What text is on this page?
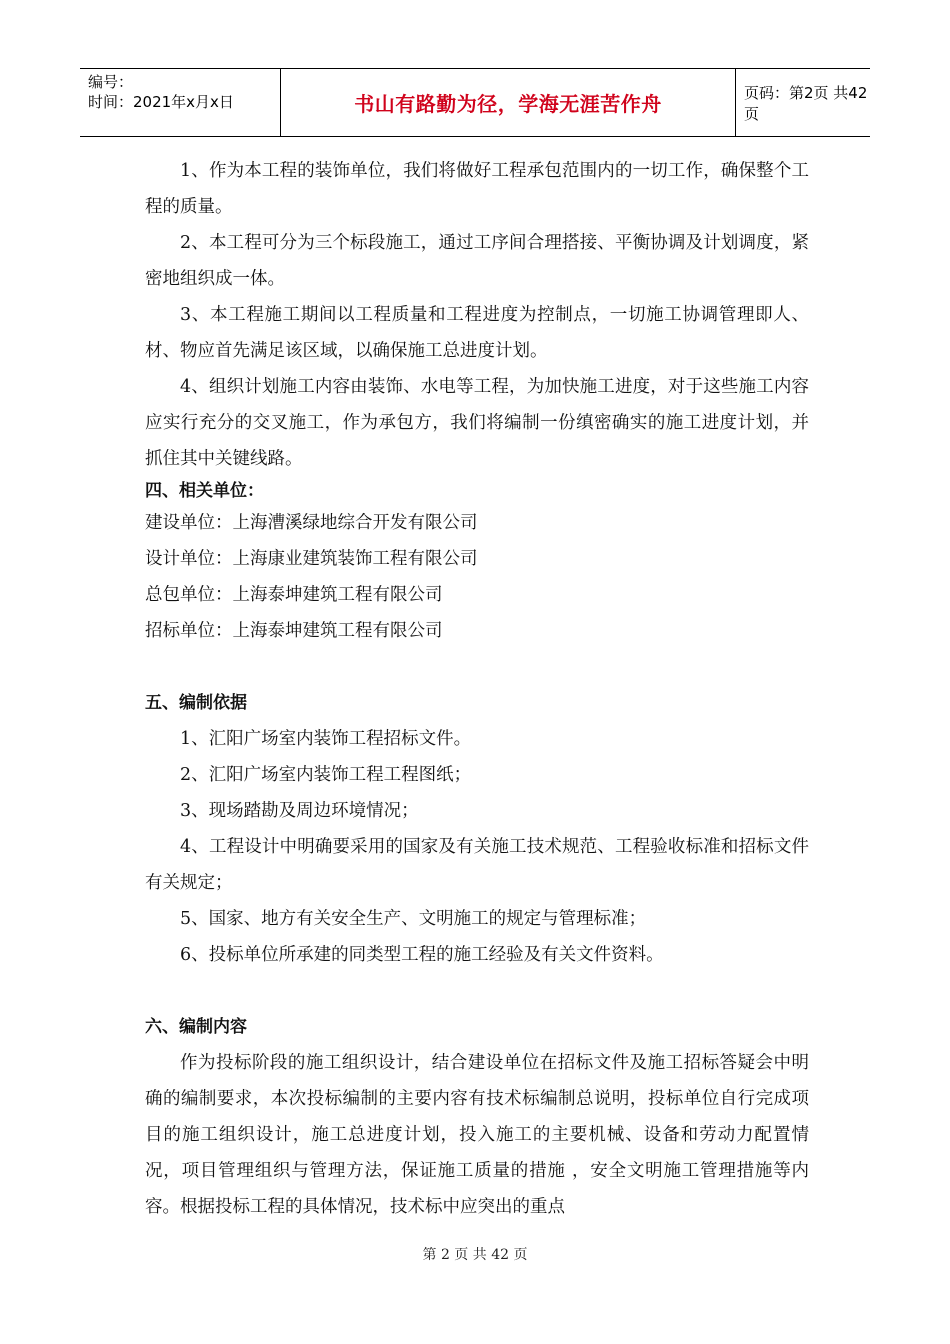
编号：
时间：2021年x月x日	书山有路勤为径，学海无涯苦作舟	页码：第2页 共42页

1、作为本工程的装饰单位，我们将做好工程承包范围内的一切工作，确保整个工程的质量。

2、本工程可分为三个标段施工，通过工序间合理搭接、平衡协调及计划调度，紧密地组织成一体。

3、本工程施工期间以工程质量和工程进度为控制点，一切施工协调管理即人、材、物应首先满足该区域，以确保施工总进度计划。

4、组织计划施工内容由装饰、水电等工程，为加快施工进度，对于这些施工内容应实行充分的交叉施工，作为承包方，我们将编制一份缜密确实的施工进度计划，并抓住其中关键线路。

四、相关单位：

建设单位：上海漕溪绿地综合开发有限公司

设计单位：上海康业建筑装饰工程有限公司

总包单位：上海泰坤建筑工程有限公司

招标单位：上海泰坤建筑工程有限公司

五、编制依据

1、汇阳广场室内装饰工程招标文件。

2、汇阳广场室内装饰工程工程图纸；

3、现场踏勘及周边环境情况；

4、工程设计中明确要采用的国家及有关施工技术规范、工程验收标准和招标文件有关规定；

5、国家、地方有关安全生产、文明施工的规定与管理标准；

6、投标单位所承建的同类型工程的施工经验及有关文件资料。

六、编制内容

作为投标阶段的施工组织设计，结合建设单位在招标文件及施工招标答疑会中明确的编制要求，本次投标编制的主要内容有技术标编制总说明，投标单位自行完成项目的施工组织设计，施工总进度计划，投入施工的主要机械、设备和劳动力配置情况，项目管理组织与管理方法，保证施工质量的措施 ，安全文明施工管理措施等内容。根据投标工程的具体情况，技术标中应突出的重点

第 2 页 共 42 页
